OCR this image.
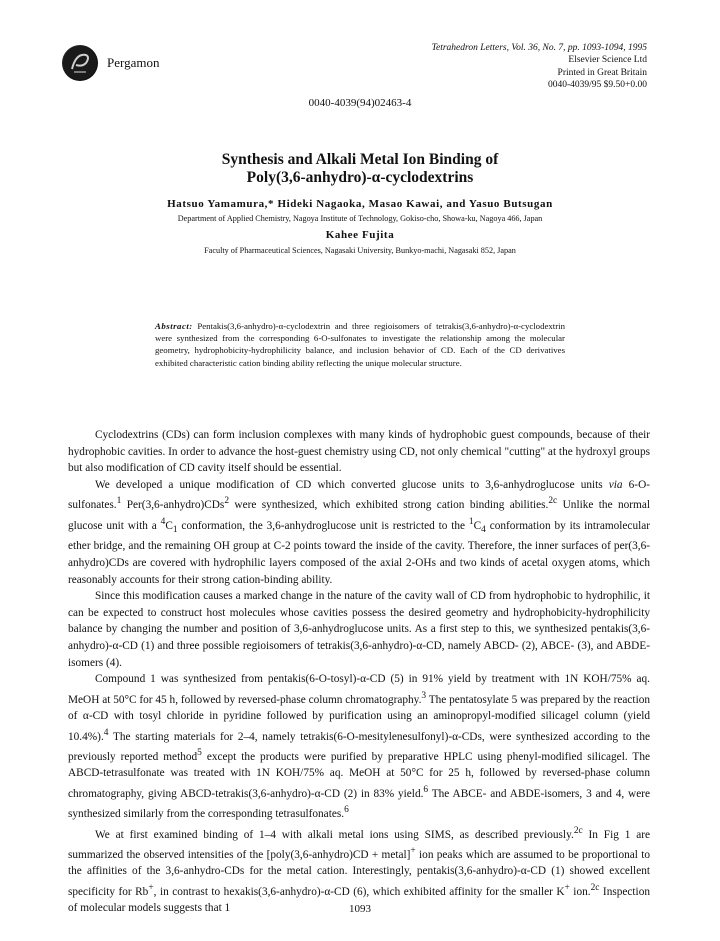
Pergamon
Tetrahedron Letters, Vol. 36, No. 7, pp. 1093-1094, 1995
Elsevier Science Ltd
Printed in Great Britain
0040-4039/95 $9.50+0.00
0040-4039(94)02463-4
Synthesis and Alkali Metal Ion Binding of
Poly(3,6-anhydro)-α-cyclodextrins
Hatsuo Yamamura,* Hideki Nagaoka, Masao Kawai, and Yasuo Butsugan
Department of Applied Chemistry, Nagoya Institute of Technology, Gokiso-cho, Showa-ku, Nagoya 466, Japan
Kahee Fujita
Faculty of Pharmaceutical Sciences, Nagasaki University, Bunkyo-machi, Nagasaki 852, Japan
Abstract: Pentakis(3,6-anhydro)-α-cyclodextrin and three regioisomers of tetrakis(3,6-anhydro)-α-cyclodextrin were synthesized from the corresponding 6-O-sulfonates to investigate the relationship among the molecular geometry, hydrophobicity-hydrophilicity balance, and inclusion behavior of CD. Each of the CD derivatives exhibited characteristic cation binding ability reflecting the unique molecular structure.

Cyclodextrins (CDs) can form inclusion complexes with many kinds of hydrophobic guest compounds, because of their hydrophobic cavities. In order to advance the host-guest chemistry using CD, not only chemical "cutting" at the hydroxyl groups but also modification of CD cavity itself should be essential.

We developed a unique modification of CD which converted glucose units to 3,6-anhydroglucose units via 6-O-sulfonates.$^1$ Per(3,6-anhydro)CDs$^2$ were synthesized, which exhibited strong cation binding abilities.$^{2c}$ Unlike the normal glucose unit with a $^4C_1$ conformation, the 3,6-anhydroglucose unit is restricted to the $^1C_4$ conformation by its intramolecular ether bridge, and the remaining OH group at C-2 points toward the inside of the cavity. Therefore, the inner surfaces of per(3,6-anhydro)CDs are covered with hydrophilic layers composed of the axial 2-OHs and two kinds of acetal oxygen atoms, which reasonably accounts for their strong cation-binding ability.

Since this modification causes a marked change in the nature of the cavity wall of CD from hydrophobic to hydrophilic, it can be expected to construct host molecules whose cavities possess the desired geometry and hydrophobicity-hydrophilicity balance by changing the number and position of 3,6-anhydroglucose units. As a first step to this, we synthesized pentakis(3,6-anhydro)-α-CD (1) and three possible regioisomers of tetrakis(3,6-anhydro)-α-CD, namely ABCD- (2), ABCE- (3), and ABDE-isomers (4).

Compound 1 was synthesized from pentakis(6-O-tosyl)-α-CD (5) in 91% yield by treatment with 1N KOH/75% aq. MeOH at 50°C for 45 h, followed by reversed-phase column chromatography.$^3$ The pentatosylate 5 was prepared by the reaction of α-CD with tosyl chloride in pyridine followed by purification using an aminopropyl-modified silicagel column (yield 10.4%).$^4$ The starting materials for 2–4, namely tetrakis(6-O-mesitylenesulfonyl)-α-CDs, were synthesized according to the previously reported method$^5$ except the products were purified by preparative HPLC using phenyl-modified silicagel. The ABCD-tetrasulfonate was treated with 1N KOH/75% aq. MeOH at 50°C for 25 h, followed by reversed-phase column chromatography, giving ABCD-tetrakis(3,6-anhydro)-α-CD (2) in 83% yield.$^6$ The ABCE- and ABDE-isomers, 3 and 4, were synthesized similarly from the corresponding tetrasulfonates.$^6$

We at first examined binding of 1–4 with alkali metal ions using SIMS, as described previously.$^{2c}$ In Fig 1 are summarized the observed intensities of the [poly(3,6-anhydro)CD + metal]+ ion peaks which are assumed to be proportional to the affinities of the 3,6-anhydro-CDs for the metal cation. Interestingly, pentakis(3,6-anhydro)-α-CD (1) showed excellent specificity for Rb+, in contrast to hexakis(3,6-anhydro)-α-CD (6), which exhibited affinity for the smaller K+ ion.$^{2c}$ Inspection of molecular models suggests that 1	1093
